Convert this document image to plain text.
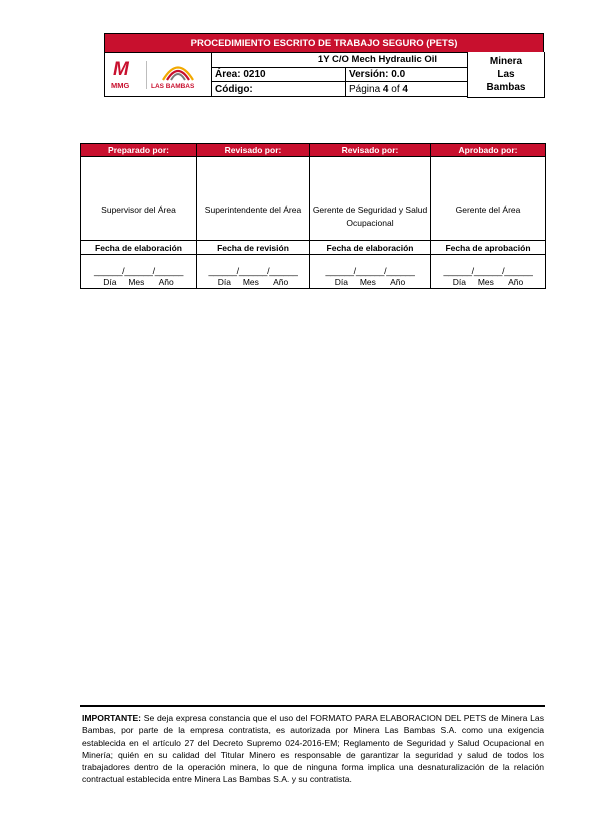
PROCEDIMIENTO ESCRITO DE TRABAJO SEGURO (PETS)		

M
MMG LAS BAMBAS	1Y C/O Mech Hydraulic Oil
	Área: 0210	Versión: 0.0
	Código:	Página 4 of 4
Minera Las Bambas
Preparado por:	Revisado por:	Revisado por:	Aprobado por:

Supervisor del Área	Superintendente del Área	Gerente de Seguridad y Salud Ocupacional	Gerente del Área
Fecha de elaboración	Fecha de revisión	Fecha de elaboración	Fecha de aprobación
______/______/______	______/______/______	______/______/______	______/______/______
Día Mes Año	Día Mes Año	Día Mes Año	Día Mes Año

IMPORTANTE: Se deja expresa constancia que el uso del FORMATO PARA ELABORACION DEL PETS de Minera Las Bambas, por parte de la empresa contratista, es autorizada por Minera Las Bambas S.A. como una exigencia establecida en el artículo 27 del Decreto Supremo 024-2016-EM; Reglamento de Seguridad y Salud Ocupacional en Minería; quién en su calidad del Titular Minero es responsable de garantizar la seguridad y salud de todos los trabajadores dentro de la operación minera, lo que de ninguna forma implica una desnaturalización de la relación contractual establecida entre Minera Las Bambas S.A. y su contratista.
